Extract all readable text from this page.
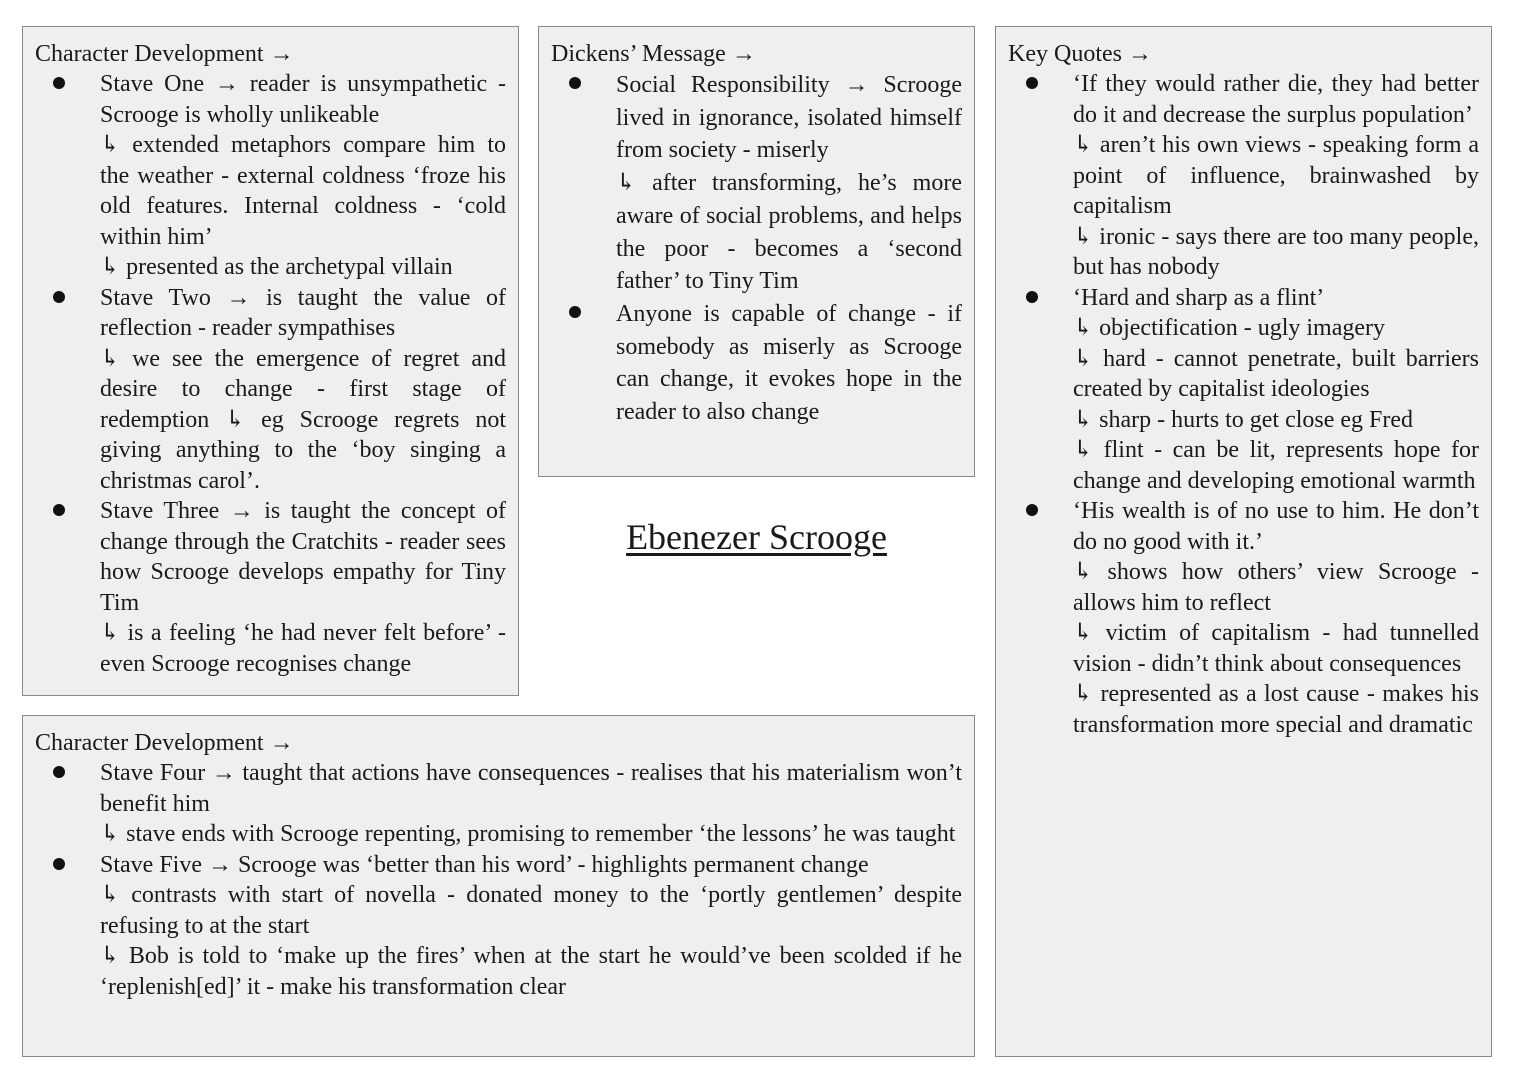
Character Development →

Stave One → reader is unsympathetic - Scrooge is wholly unlikeable
↳ extended metaphors compare him to the weather - external coldness ‘froze his old features. Internal coldness - ‘cold within him’
↳ presented as the archetypal villain
Stave Two → is taught the value of reflection - reader sympathises
↳ we see the emergence of regret and desire to change - first stage of redemption ↳ eg Scrooge regrets not giving anything to the ‘boy singing a christmas carol’.
Stave Three → is taught the concept of change through the Cratchits - reader sees how Scrooge develops empathy for Tiny Tim
↳ is a feeling ‘he had never felt before’ - even Scrooge recognises change

Dickens’ Message →

Social Responsibility → Scrooge lived in ignorance, isolated himself from society - miserly
↳ after transforming, he’s more aware of social problems, and helps the poor - becomes a ‘second father’ to Tiny Tim
Anyone is capable of change - if somebody as miserly as Scrooge can change, it evokes hope in the reader to also change
Ebenezer Scrooge

Key Quotes →

‘If they would rather die, they had better do it and decrease the surplus population’
↳ aren’t his own views - speaking form a point of influence, brainwashed by capitalism
↳ ironic - says there are too many people, but has nobody
‘Hard and sharp as a flint’
↳ objectification - ugly imagery
↳ hard - cannot penetrate, built barriers created by capitalist ideologies
↳ sharp - hurts to get close eg Fred
↳ flint - can be lit, represents hope for change and developing emotional warmth
‘His wealth is of no use to him. He don’t do no good with it.’
↳ shows how others’ view Scrooge - allows him to reflect
↳ victim of capitalism - had tunnelled vision - didn’t think about consequences
↳ represented as a lost cause - makes his transformation more special and dramatic

Character Development →

Stave Four → taught that actions have consequences - realises that his materialism won’t benefit him
↳ stave ends with Scrooge repenting, promising to remember ‘the lessons’ he was taught
Stave Five → Scrooge was ‘better than his word’ - highlights permanent change
↳ contrasts with start of novella - donated money to the ‘portly gentlemen’ despite refusing to at the start
↳ Bob is told to ‘make up the fires’ when at the start he would’ve been scolded if he ‘replenish[ed]’ it - make his transformation clear
